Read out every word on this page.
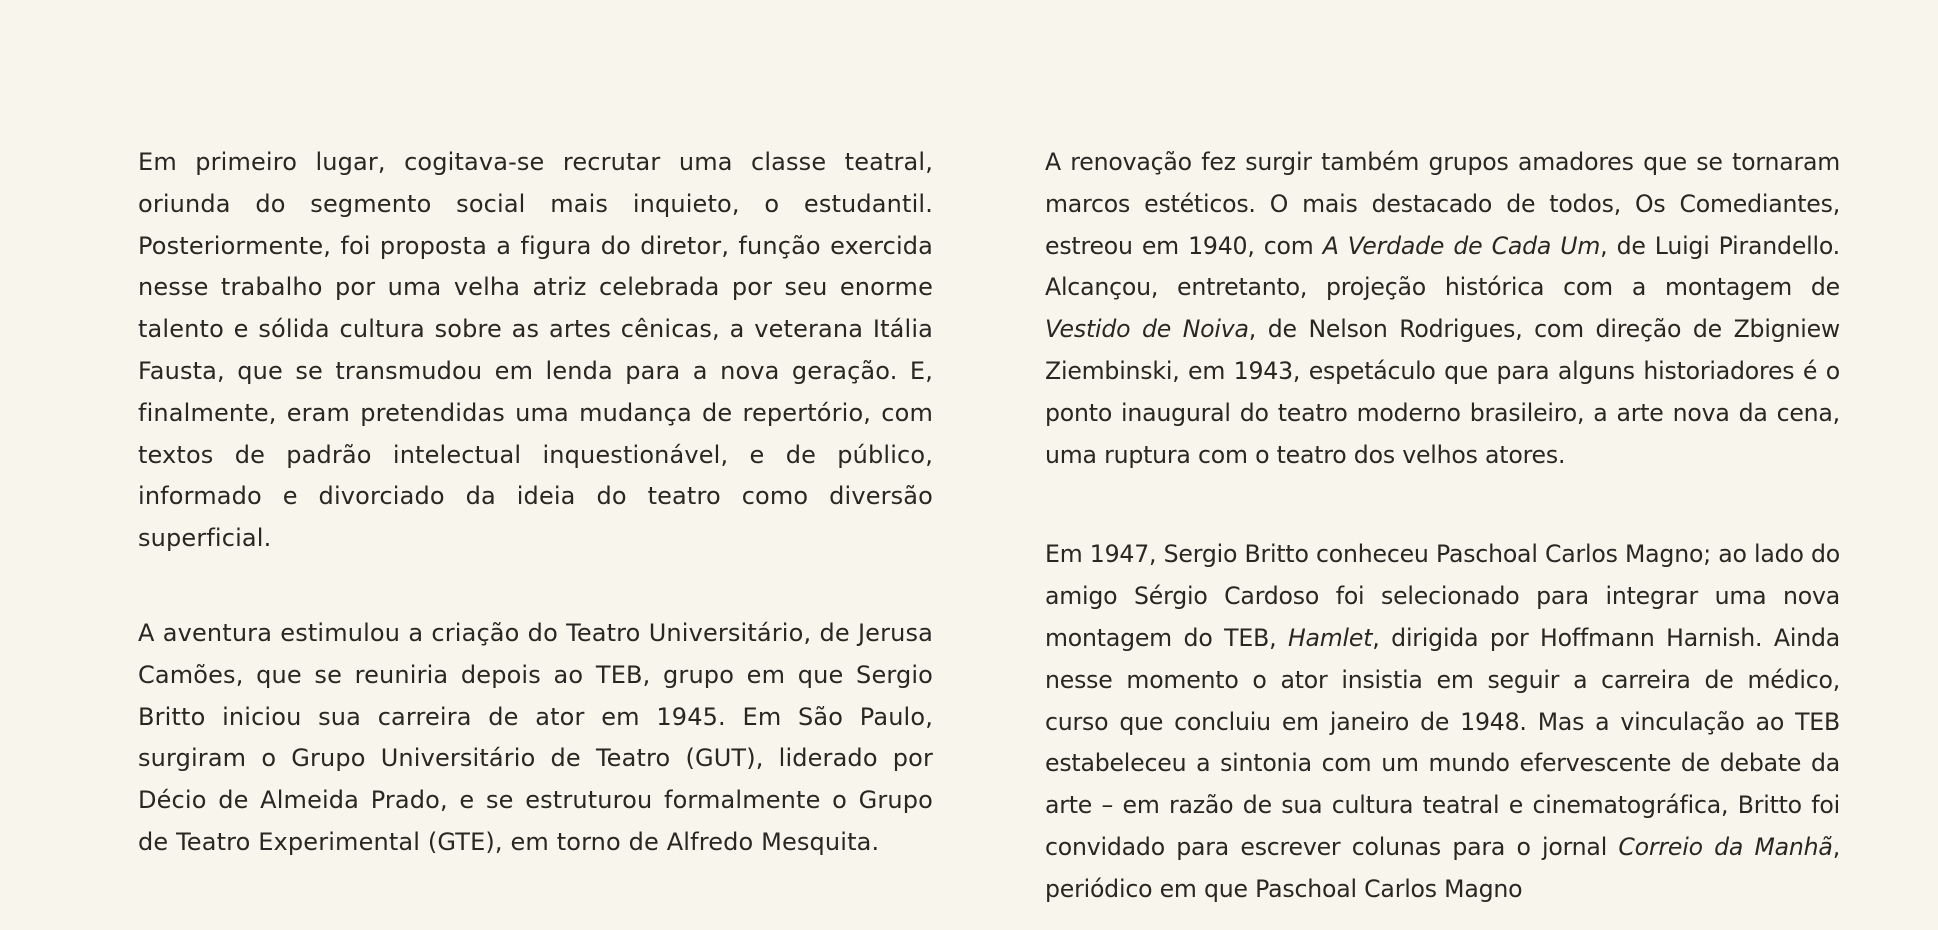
Em primeiro lugar, cogitava-se recrutar uma classe teatral, oriunda do segmento social mais inquieto, o estudantil. Posteriormente, foi proposta a figura do diretor, função exercida nesse trabalho por uma velha atriz celebrada por seu enorme talento e sólida cultura sobre as artes cênicas, a veterana Itália Fausta, que se transmudou em lenda para a nova geração. E, finalmente, eram pretendidas uma mudança de repertório, com textos de padrão intelectual inquestionável, e de público, informado e divorciado da ideia do teatro como diversão superficial.

A aventura estimulou a criação do Teatro Universitário, de Jerusa Camões, que se reuniria depois ao TEB, grupo em que Sergio Britto iniciou sua carreira de ator em 1945. Em São Paulo, surgiram o Grupo Universitário de Teatro (GUT), liderado por Décio de Almeida Prado, e se estruturou formalmente o Grupo de Teatro Experimental (GTE), em torno de Alfredo Mesquita.

A renovação fez surgir também grupos amadores que se tornaram marcos estéticos. O mais destacado de todos, Os Comediantes, estreou em 1940, com A Verdade de Cada Um, de Luigi Pirandello. Alcançou, entretanto, projeção histórica com a montagem de Vestido de Noiva, de Nelson Rodrigues, com direção de Zbigniew Ziembinski, em 1943, espetáculo que para alguns historiadores é o ponto inaugural do teatro moderno brasileiro, a arte nova da cena, uma ruptura com o teatro dos velhos atores.

Em 1947, Sergio Britto conheceu Paschoal Carlos Magno; ao lado do amigo Sérgio Cardoso foi selecionado para integrar uma nova montagem do TEB, Hamlet, dirigida por Hoffmann Harnish. Ainda nesse momento o ator insistia em seguir a carreira de médico, curso que concluiu em janeiro de 1948. Mas a vinculação ao TEB estabeleceu a sintonia com um mundo efervescente de debate da arte – em razão de sua cultura teatral e cinematográfica, Britto foi convidado para escrever colunas para o jornal Correio da Manhã, periódico em que Paschoal Carlos Magno
